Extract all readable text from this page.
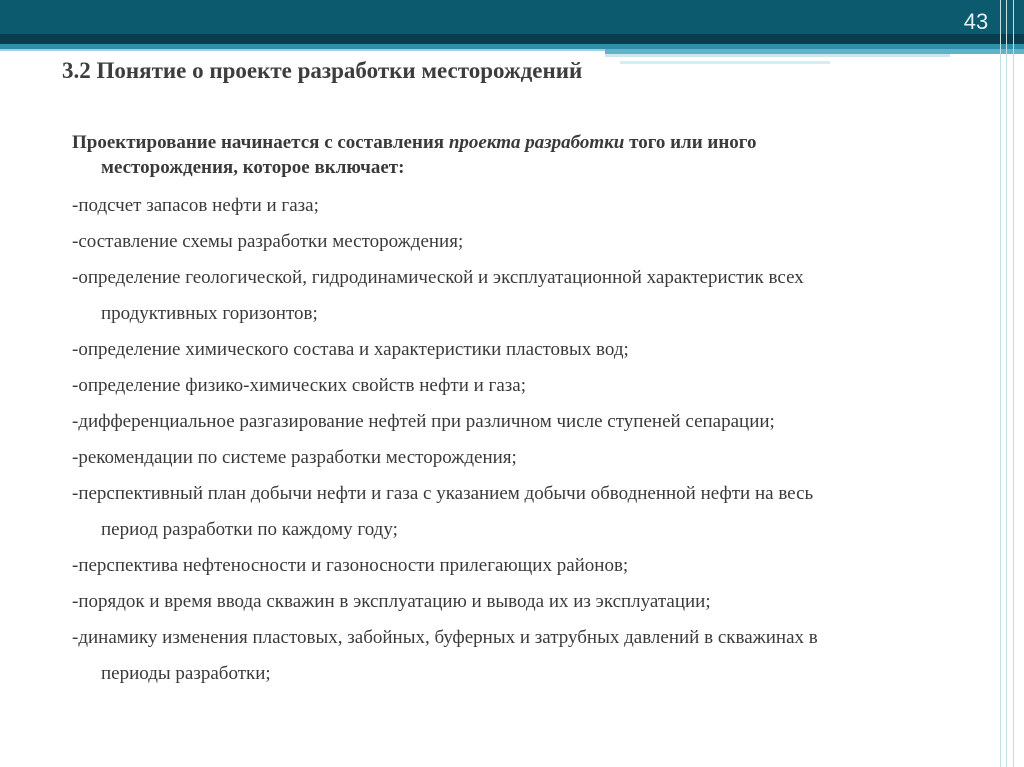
43
3.2 Понятие о проекте разработки месторождений
Проектирование начинается с составления проекта разработки того или иного
месторождения, которое включает:
-подсчет запасов нефти и газа;
-составление схемы разработки месторождения;
-определение геологической, гидродинамической и эксплуатационной характеристик всех
продуктивных горизонтов;
-определение химического состава и характеристики пластовых вод;
-определение физико-химических свойств нефти и газа;
-дифференциальное разгазирование нефтей при различном числе ступеней сепарации;
-рекомендации по системе разработки месторождения;
-перспективный план добычи нефти и газа с указанием добычи обводненной нефти на весь
период разработки по каждому году;
-перспектива нефтеносности и газоносности прилегающих районов;
-порядок и время ввода скважин в эксплуатацию и вывода их из эксплуатации;
-динамику изменения пластовых, забойных, буферных и затрубных давлений в скважинах в
периоды разработки;
